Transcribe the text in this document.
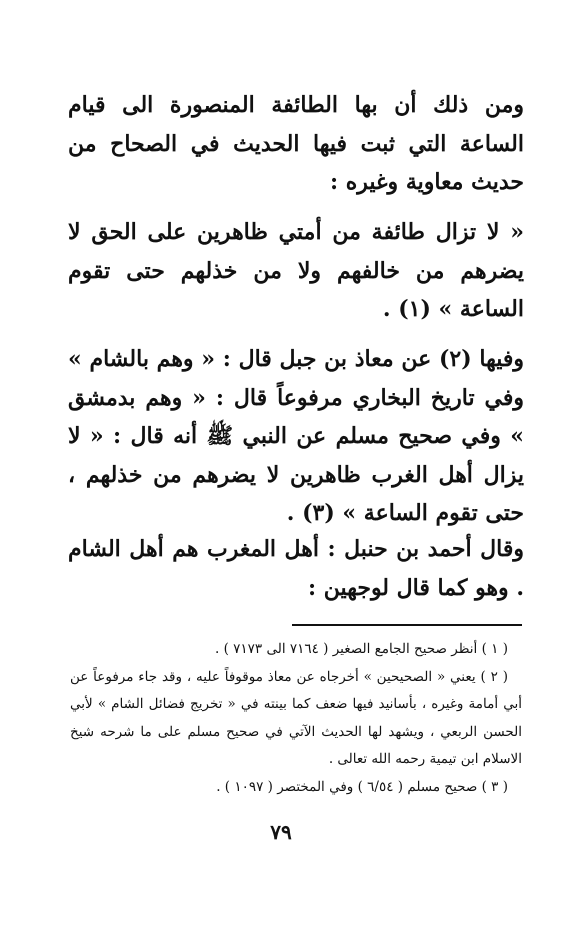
ومن ذلك أن بها الطائفة المنصورة الى قيام الساعة التي ثبت فيها الحديث في الصحاح من حديث معاوية وغيره :

« لا تزال طائفة من أمتي ظاهرين على الحق لا يضرهم من خالفهم ولا من خذلهم حتى تقوم الساعة » (١) .

وفيها (٢) عن معاذ بن جبل قال : « وهم بالشام » وفي تاريخ البخاري مرفوعاً قال : « وهم بدمشق » وفي صحيح مسلم عن النبي ﷺ أنه قال : « لا يزال أهل الغرب ظاهرين لا يضرهم من خذلهم ، حتى تقوم الساعة » (٣) .

وقال أحمد بن حنبل : أهل المغرب هم أهل الشام . وهو كما قال لوجهين :

( ١ ) أنظر صحيح الجامع الصغير ( ٧١٦٤ الى ٧١٧٣ ) .

( ٢ ) يعني « الصحيحين » أخرجاه عن معاذ موقوفاً عليه ، وقد جاء مرفوعاً عن أبي أمامة وغيره ، بأسانيد فيها ضعف كما بينته في « تخريج فضائل الشام » لأبي الحسن الربعي ، ويشهد لها الحديث الآتي في صحيح مسلم على ما شرحه شيخ الاسلام ابن تيمية رحمه الله تعالى .

( ٣ ) صحيح مسلم ( ٦/٥٤ ) وفي المختصر ( ١٠٩٧ ) .

٧٩
